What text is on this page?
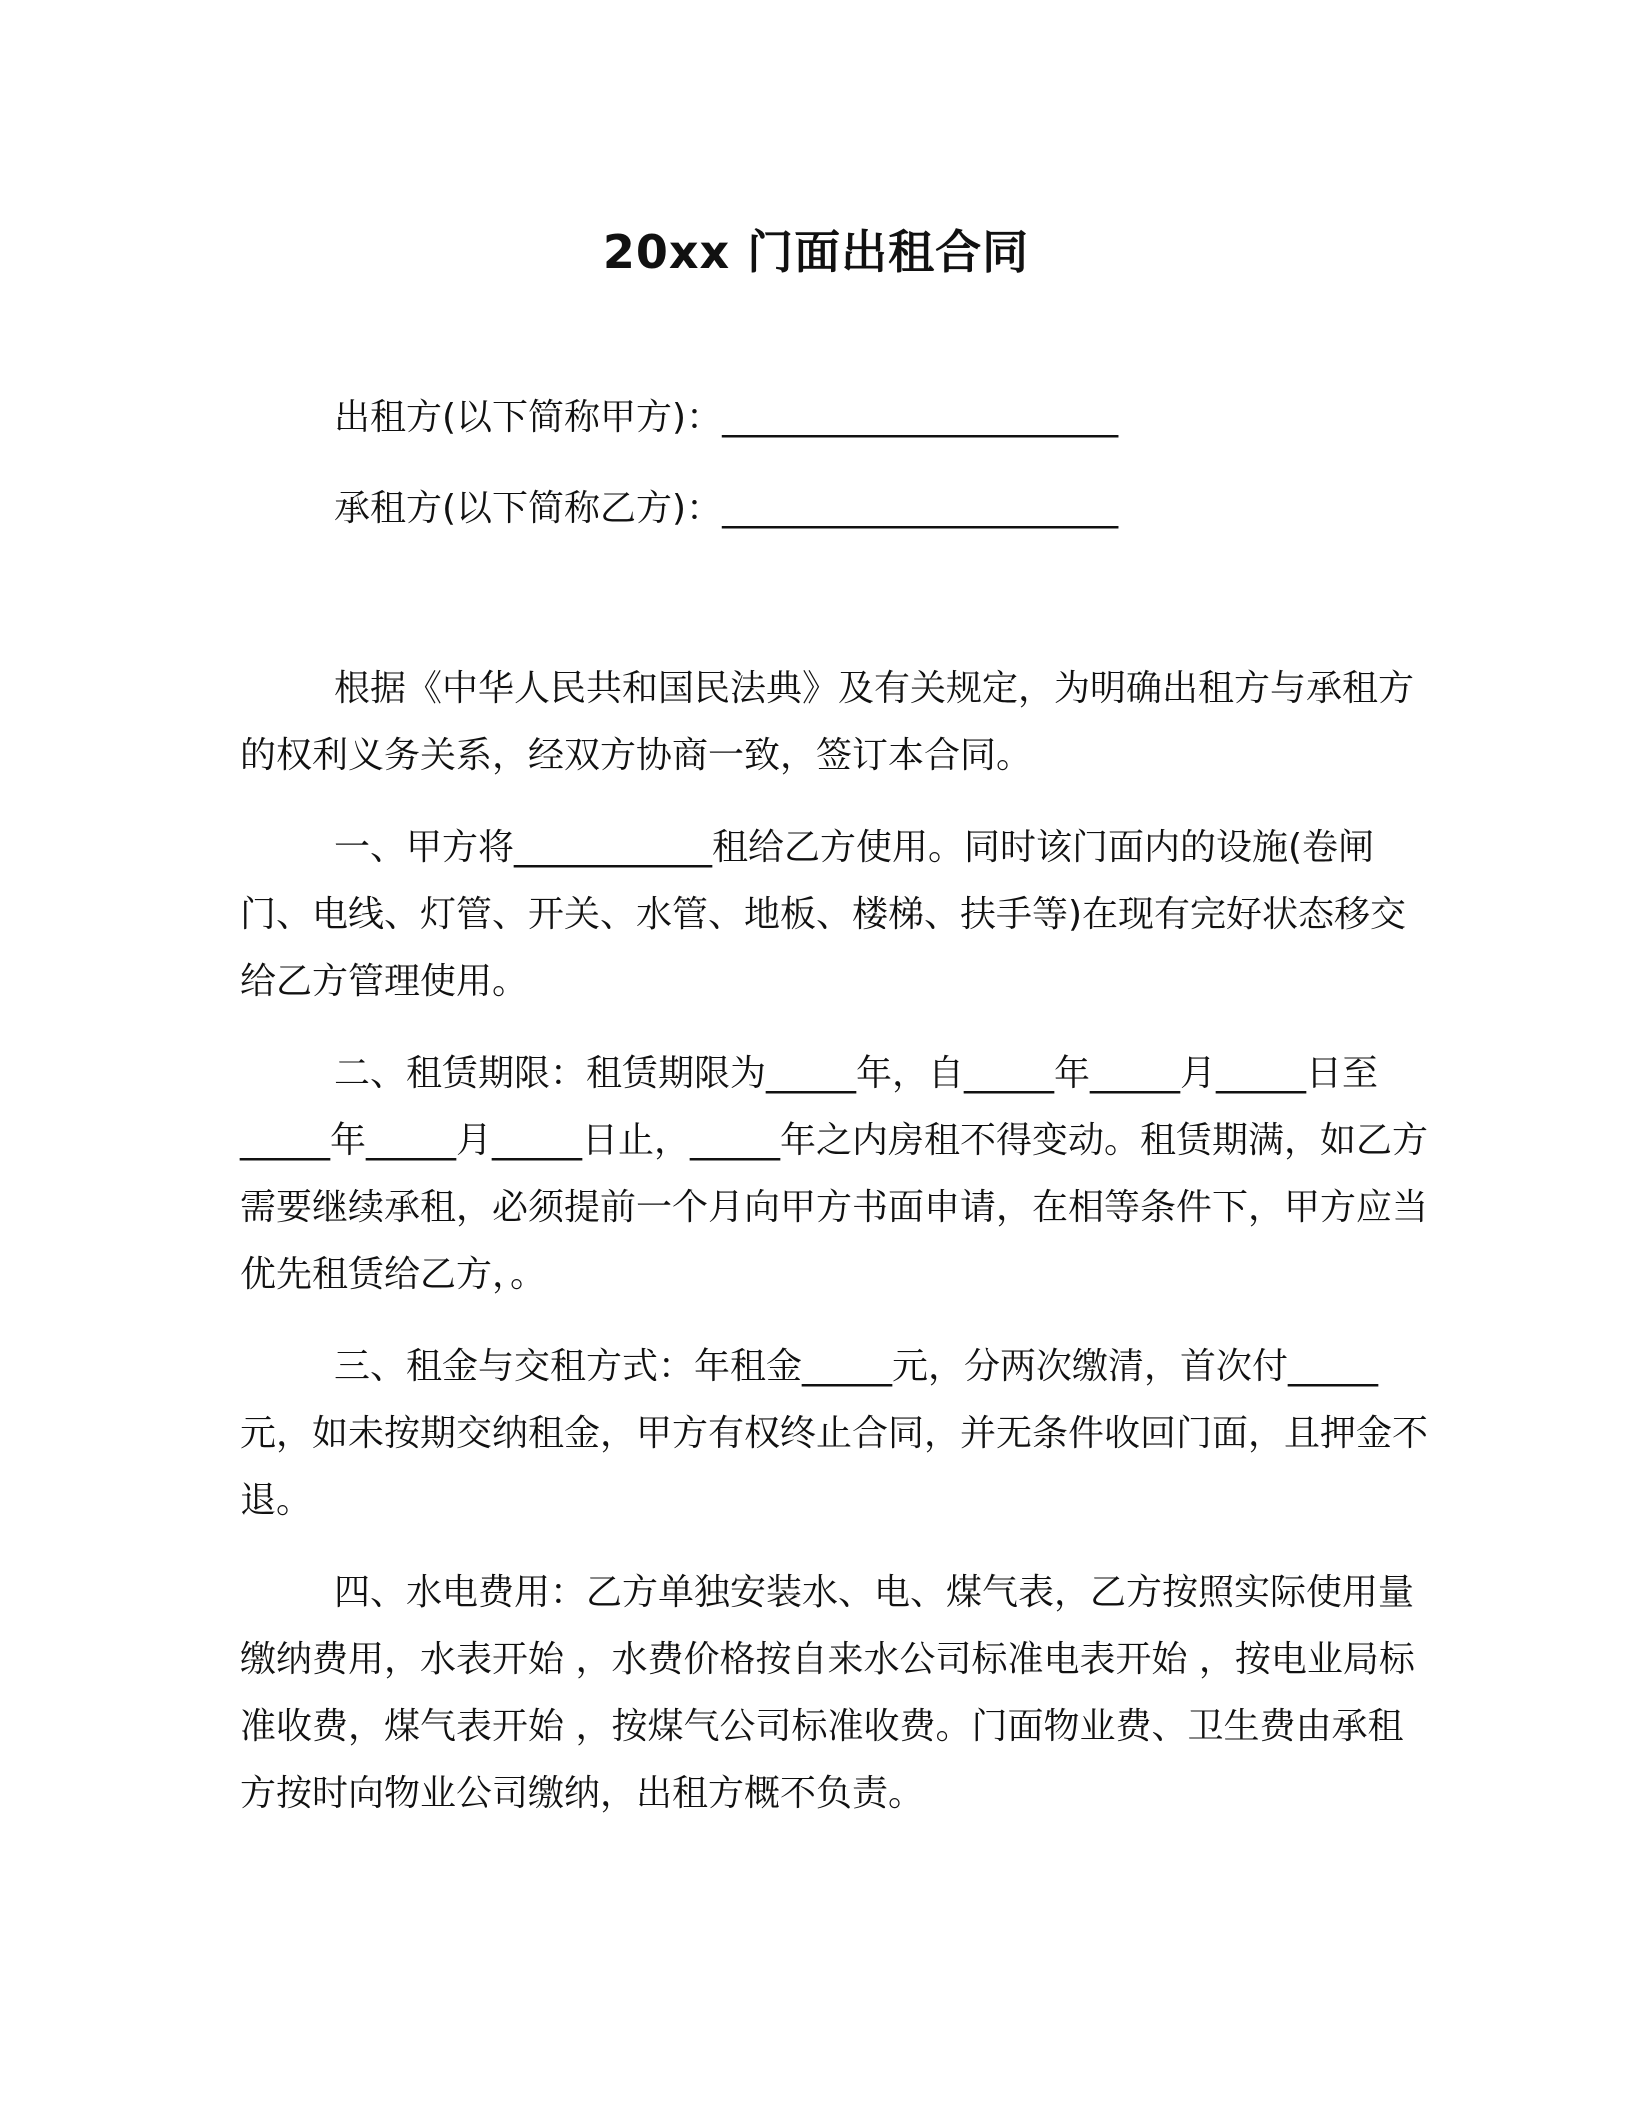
20xx 门面出租合同
出租方(以下简称甲方)：______________________
承租方(以下简称乙方)：______________________

根据《中华人民共和国民法典》及有关规定，为明确出租方与承租方的权利义务关系，经双方协商一致，签订本合同。

一、甲方将___________租给乙方使用。同时该门面内的设施(卷闸门、电线、灯管、开关、水管、地板、楼梯、扶手等)在现有完好状态移交给乙方管理使用。

二、租赁期限：租赁期限为_____年，自_____年_____月_____日至_____年_____月_____日止，_____年之内房租不得变动。租赁期满，如乙方需要继续承租，必须提前一个月向甲方书面申请，在相等条件下，甲方应当优先租赁给乙方，。

三、租金与交租方式：年租金_____元，分两次缴清，首次付_____元，如未按期交纳租金，甲方有权终止合同，并无条件收回门面，且押金不退。

四、水电费用：乙方单独安装水、电、煤气表，乙方按照实际使用量缴纳费用，水表开始 ，水费价格按自来水公司标准电表开始 ，按电业局标准收费，煤气表开始 ，按煤气公司标准收费。门面物业费、卫生费由承租方按时向物业公司缴纳，出租方概不负责。
